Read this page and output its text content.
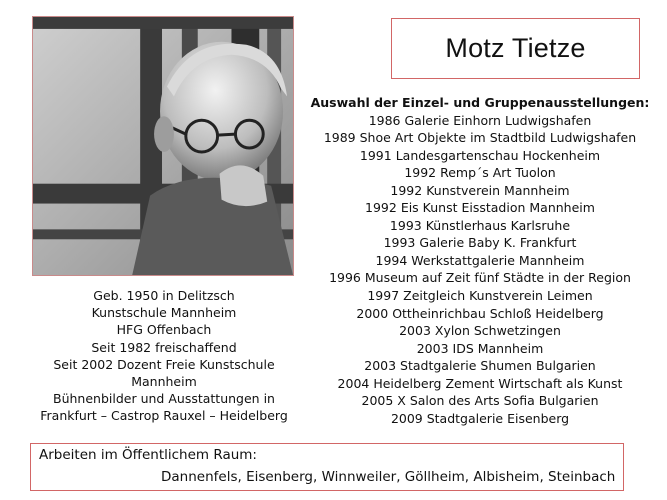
Motz Tietze
Geb. 1950 in Delitzsch
Kunstschule Mannheim
HFG Offenbach
Seit 1982 freischaffend
Seit 2002 Dozent Freie Kunstschule
Mannheim
Bühnenbilder und Ausstattungen in
Frankfurt – Castrop Rauxel – Heidelberg
Auswahl der Einzel- und Gruppenausstellungen:
1986 Galerie Einhorn Ludwigshafen
1989 Shoe Art Objekte im Stadtbild Ludwigshafen
1991 Landesgartenschau Hockenheim
1992 Remp´s Art Tuolon
1992 Kunstverein Mannheim
1992 Eis Kunst Eisstadion Mannheim
1993 Künstlerhaus Karlsruhe
1993 Galerie Baby K. Frankfurt
1994 Werkstattgalerie Mannheim
1996 Museum auf Zeit fünf Städte in der Region
1997 Zeitgleich Kunstverein Leimen
2000 Ottheinrichbau Schloß Heidelberg
2003 Xylon Schwetzingen
2003 IDS Mannheim
2003 Stadtgalerie Shumen Bulgarien
2004 Heidelberg Zement Wirtschaft als Kunst
2005 X Salon des Arts Sofia Bulgarien
2009 Stadtgalerie Eisenberg
Arbeiten im Öffentlichem Raum:
Dannenfels, Eisenberg, Winnweiler, Göllheim, Albisheim, Steinbach
